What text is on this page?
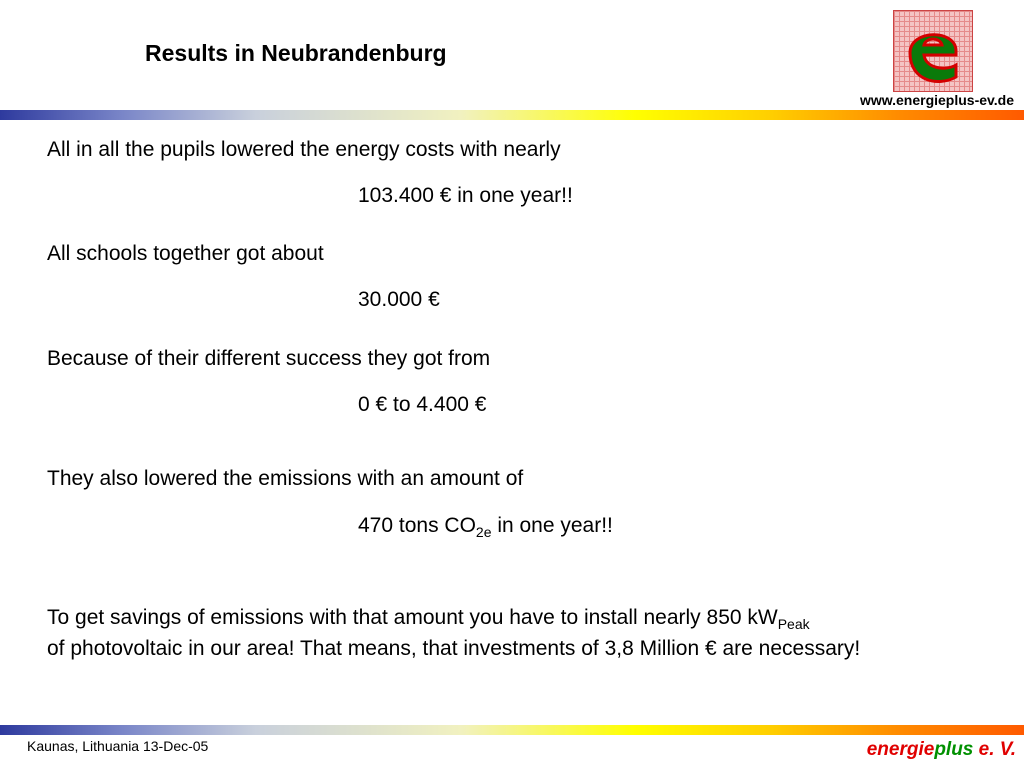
Results in Neubrandenburg
www.energieplus-ev.de
All in all the pupils lowered the energy costs with nearly
103.400 € in one year!!
All schools together got about
30.000 €
Because of their different success they got from
0 € to 4.400 €
They also lowered the emissions with an amount of
470 tons $CO_{2e}$ in one year!!
To get savings of emissions with that amount you have to install nearly 850 $kW_{Peak}$
of photovoltaic in our area! That means, that investments of 3,8 Million € are necessary!
Kaunas, Lithuania 13-Dec-05	energieplus e. V.
